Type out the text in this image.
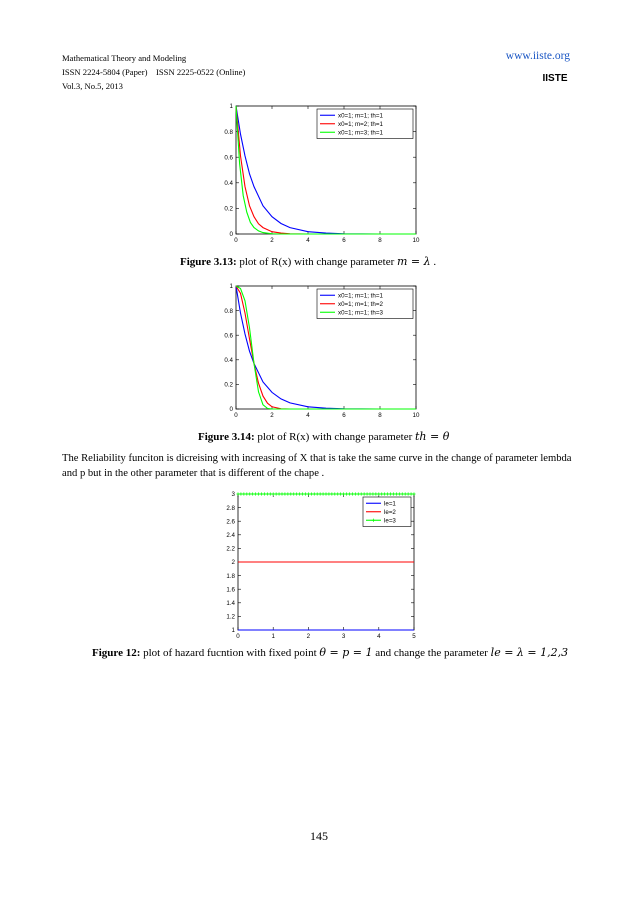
Mathematical Theory and Modeling
ISSN 2224-5804 (Paper)    ISSN 2225-0522 (Online)
Vol.3, No.5, 2013
www.iiste.org
IISTE
0	2	4	6	8	10
0
0.2
0.4
0.6
0.8
1
x0=1; m=1; th=1
x0=1; m=2; th=1
x0=1; m=3; th=1
Figure 3.13: plot of R(x) with change parameter m = λ .
0	2	4	6	8	10
0
0.2
0.4
0.6
0.8
1
x0=1; m=1; th=1
x0=1; m=1; th=2
x0=1; m=1; th=3
Figure 3.14: plot of R(x) with change parameter th = θ
The Reliability funciton is dicreising with increasing of X that is take the same curve in the change of parameter lembda and p but in the other parameter that is different of the chape .
0	1	2	3	4	5
1
1.2
1.4
1.6
1.8
2
2.2
2.4
2.6
2.8
3
le=1
le=2
le=3
Figure 12: plot of hazard fucntion with fixed point θ = p = 1 and change the parameter le = λ = 1,2,3
145
